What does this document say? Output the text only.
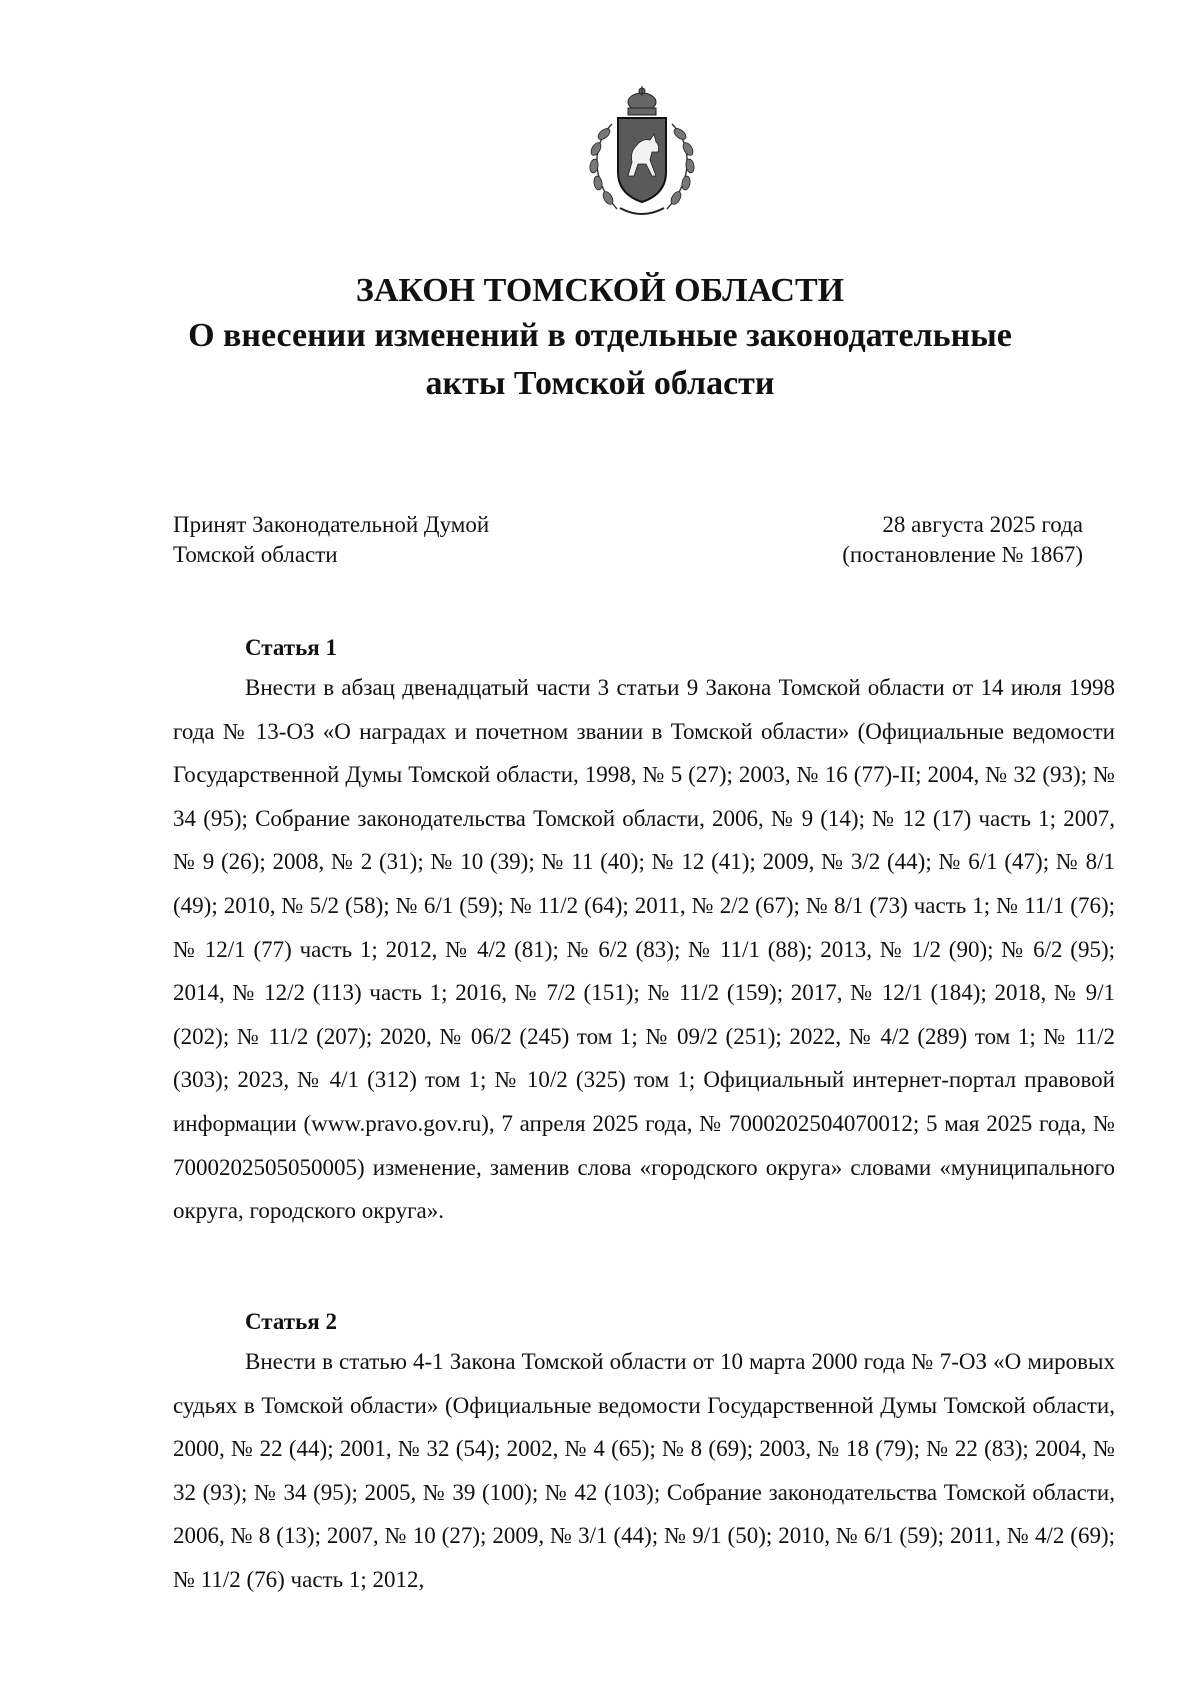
ЗАКОН ТОМСКОЙ ОБЛАСТИ

О внесении изменений в отдельные законодательные

акты Томской области

Принят Законодательной Думой
Томской области
28 августа 2025 года
(постановление № 1867)
Статья 1

Внести в абзац двенадцатый части 3 статьи 9 Закона Томской области от 14 июля 1998 года № 13-ОЗ «О наградах и почетном звании в Томской области» (Официальные ведомости Государственной Думы Томской области, 1998, № 5 (27); 2003, № 16 (77)-II; 2004, № 32 (93); № 34 (95); Собрание законодательства Томской области, 2006, № 9 (14); № 12 (17) часть 1; 2007, № 9 (26); 2008, № 2 (31); № 10 (39); № 11 (40); № 12 (41); 2009, № 3/2 (44); № 6/1 (47); № 8/1 (49); 2010, № 5/2 (58); № 6/1 (59); № 11/2 (64); 2011, № 2/2 (67); № 8/1 (73) часть 1; № 11/1 (76); № 12/1 (77) часть 1; 2012, № 4/2 (81); № 6/2 (83); № 11/1 (88); 2013, № 1/2 (90); № 6/2 (95); 2014, № 12/2 (113) часть 1; 2016, № 7/2 (151); № 11/2 (159); 2017, № 12/1 (184); 2018, № 9/1 (202); № 11/2 (207); 2020, № 06/2 (245) том 1; № 09/2 (251); 2022, № 4/2 (289) том 1; № 11/2 (303); 2023, № 4/1 (312) том 1; № 10/2 (325) том 1; Официальный интернет-портал правовой информации (www.pravo.gov.ru), 7 апреля 2025 года, № 7000202504070012; 5 мая 2025 года, № 7000202505050005) изменение, заменив слова «городского округа» словами «муниципального округа, городского округа».

Статья 2

Внести в статью 4-1 Закона Томской области от 10 марта 2000 года № 7-ОЗ «О мировых судьях в Томской области» (Официальные ведомости Государственной Думы Томской области, 2000, № 22 (44); 2001, № 32 (54); 2002, № 4 (65); № 8 (69); 2003, № 18 (79); № 22 (83); 2004, № 32 (93); № 34 (95); 2005, № 39 (100); № 42 (103); Собрание законодательства Томской области, 2006, № 8 (13); 2007, № 10 (27); 2009, № 3/1 (44); № 9/1 (50); 2010, № 6/1 (59); 2011, № 4/2 (69); № 11/2 (76) часть 1; 2012,
